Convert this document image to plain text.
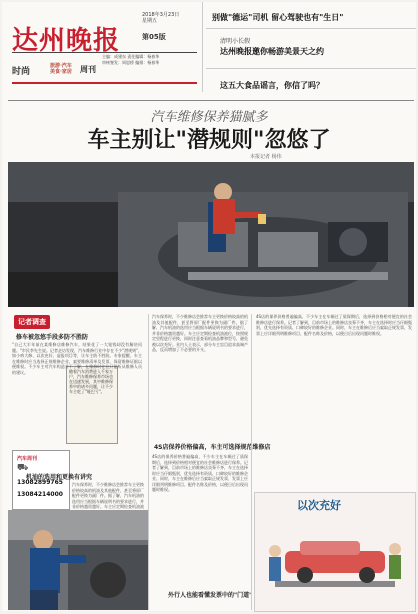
达州晚报
2018年3月23日
星期五
第05版
主编：成建东 责任编辑：杨春华
审核签发：周思桥 编排：杨春华
时尚
旅游·汽车
美食·家居 周刊
别做"德运"司机 留心驾驶也有"生日"
清明小长假
达州晚报邀你畅游美景天之约
这五大食品谣言，你信了吗？
汽车维修保养猫腻多
车主别让"潜规则"忽悠了
本报记者 杨伟
随着汽车消费进入千家万户，汽车维修保养市场也在迅速发展，其中维修保养中的诸多问题，让不少车主吃了"哑巴亏"。
记者调查
修车被忽悠手段多防不胜防
"自己大半年前在某维修店维修汽车，结果花了一大笔钱却没有解决问题。"市民李先生说。记者走访发现，汽车维修行业中存在不少"潜规则"，如小病大修、以次充好、虚报项目等，让车主防不胜防。专家提醒，车主在维修时应当选择正规维修企业，索要维修清单及发票，保留维修证据以便维权。不少车主对汽车构造并不了解，在维修时往往只能听从维修人员的建议。
汽车周刊
⛟
13082899765
13084214000
机油的选用和更换有讲究
汽车保养时，不少维修店会推荐车主更换价格较高的机油及其他配件，甚至将原厂配件更换为副厂件。据了解，汽车机油的选用应当根据车辆说明书的要求进行，并非价格越贵越好。车主应定期检查机油液
4S店保养价格偏高，车主可选择规范维修店
汽车保养时，不少维修店会推荐车主更换价格较高的机油及其他配件，甚至将原厂配件更换为副厂件。据了解，汽车机油的选用应当根据车辆说明书的要求进行，并非价格越贵越好。车主应定期检查机油液位，按照规定里程进行更换，同时注意查看机油品牌和型号，避免被以次充好。业内人士表示，部分车主盲目追求高端产品，反而增加了不必要的开支。
4S店的保养价格普遍偏高，不少车主在车辆过了质保期后，选择到价格相对便宜的社会维修店进行保养。记者了解到，目前市场上的维修店良莠不齐，车主在选择时应当仔细甄别，优先选择有资质、口碑较好的维修企业。同时，车主在维修后应当索取正规发票，发票上应详细列明维修项目、配件名称及价格，以便日后出现问题时维权。
外行人也能看懂发票中的"门道"
4S店的保养价格普遍偏高，不少车主在车辆过了质保期后，选择到价格相对便宜的社会维修店进行保养。记者了解到，目前市场上的维修店良莠不齐，车主在选择时应当仔细甄别，优先选择有资质、口碑较好的维修企业。同时，车主在维修后应当索取正规发票，发票上应详细列明维修项目、配件名称及价格，以便日后出现问题时维权。
以次充好
